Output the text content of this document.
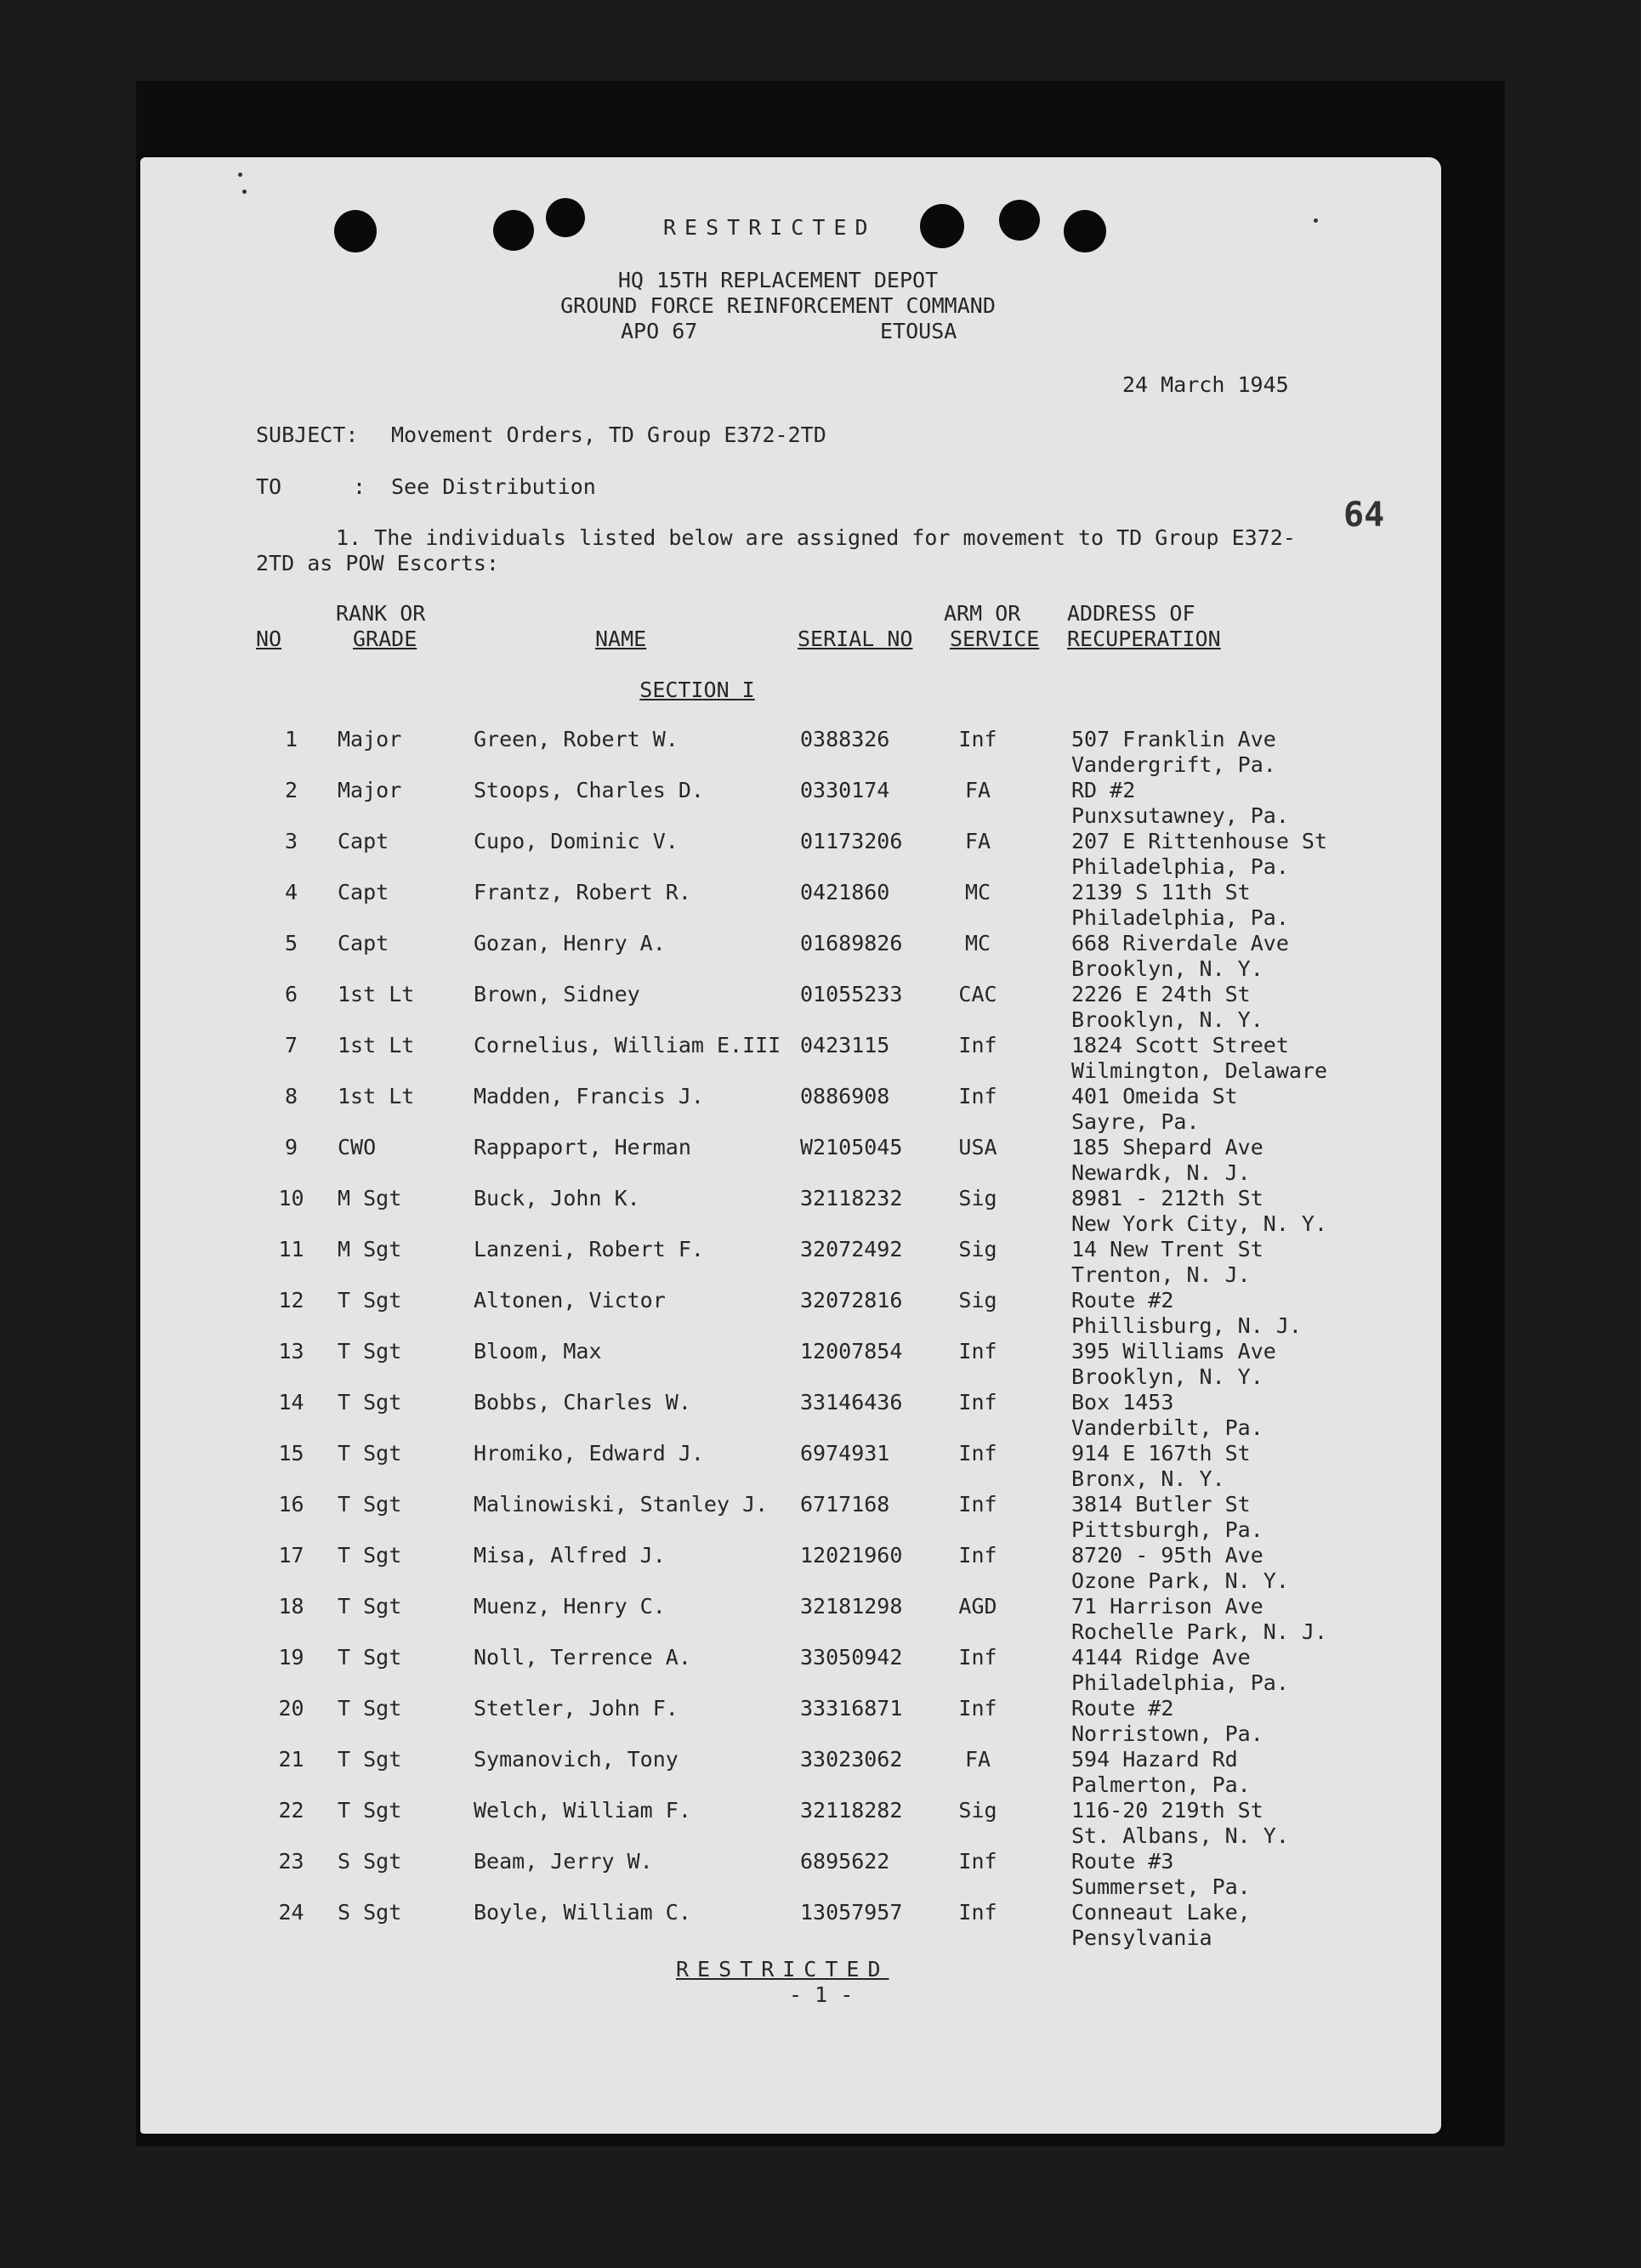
RESTRICTED
HQ 15TH REPLACEMENT DEPOT
GROUND FORCE REINFORCEMENT COMMAND
APO 67	ETOUSA
24 March 1945
SUBJECT: Movement Orders, TD Group E372-2TD
TO	: See Distribution
64
1. The individuals listed below are assigned for movement to TD Group E372-
2TD as POW Escorts:
NO
RANK OR
GRADE	NAME	SERIAL NO
ARM OR
SERVICE
ADDRESS OF
RECUPERATION
SECTION I
1	Major	Green, Robert W.	0388326	Inf	507 Franklin Ave
Vandergrift, Pa.
2	Major	Stoops, Charles D.	0330174	FA	RD #2
Punxsutawney, Pa.
3	Capt	Cupo, Dominic V.	01173206	FA	207 E Rittenhouse St
Philadelphia, Pa.
4	Capt	Frantz, Robert R.	0421860	MC	2139 S 11th St
Philadelphia, Pa.
5	Capt	Gozan, Henry A.	01689826	MC	668 Riverdale Ave
Brooklyn, N. Y.
6	1st Lt	Brown, Sidney	01055233	CAC	2226 E 24th St
Brooklyn, N. Y.
7	1st Lt	Cornelius, William E.III 0423115	Inf	1824 Scott Street
Wilmington, Delaware
8	1st Lt	Madden, Francis J.	0886908	Inf	401 Omeida St
Sayre, Pa.
9	CWO	Rappaport, Herman	W2105045	USA	185 Shepard Ave
Newardk, N. J.
10	M Sgt	Buck, John K.	32118232	Sig	8981 - 212th St
New York City, N. Y.
11	M Sgt	Lanzeni, Robert F.	32072492	Sig	14 New Trent St
Trenton, N. J.
12	T Sgt	Altonen, Victor	32072816	Sig	Route #2
Phillisburg, N. J.
13	T Sgt	Bloom, Max	12007854	Inf	395 Williams Ave
Brooklyn, N. Y.
14	T Sgt	Bobbs, Charles W.	33146436	Inf	Box 1453
Vanderbilt, Pa.
15	T Sgt	Hromiko, Edward J.	6974931	Inf	914 E 167th St
Bronx, N. Y.
16	T Sgt	Malinowiski, Stanley J. 6717168	Inf	3814 Butler St
Pittsburgh, Pa.
17	T Sgt	Misa, Alfred J.	12021960	Inf	8720 - 95th Ave
Ozone Park, N. Y.
18	T Sgt	Muenz, Henry C.	32181298	AGD	71 Harrison Ave
Rochelle Park, N. J.
19	T Sgt	Noll, Terrence A.	33050942	Inf	4144 Ridge Ave
Philadelphia, Pa.
20	T Sgt	Stetler, John F.	33316871	Inf	Route #2
Norristown, Pa.
21	T Sgt	Symanovich, Tony	33023062	FA	594 Hazard Rd
Palmerton, Pa.
22	T Sgt	Welch, William F.	32118282	Sig	116-20 219th St
St. Albans, N. Y.
23	S Sgt	Beam, Jerry W.	6895622	Inf	Route #3
Summerset, Pa.
24	S Sgt	Boyle, William C.	13057957	Inf	Conneaut Lake,
Pensylvania
RESTRICTED
- 1 -
